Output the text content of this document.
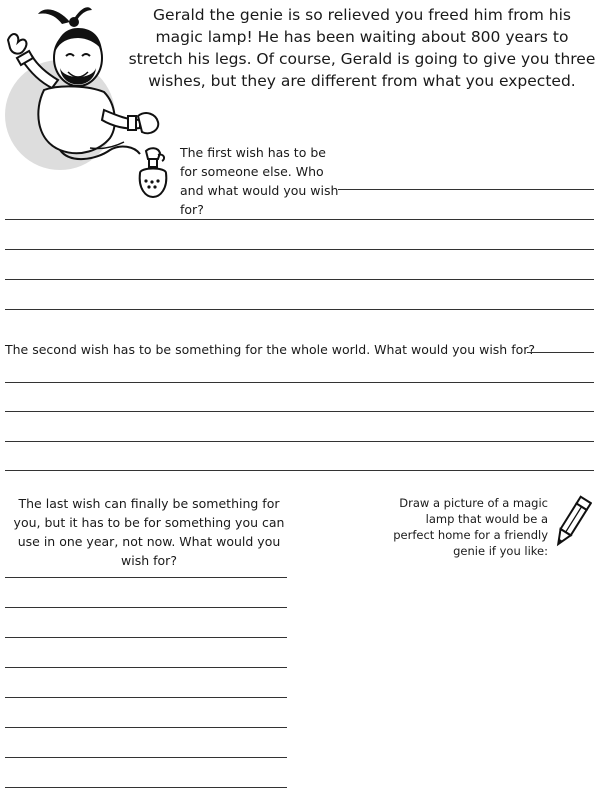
Gerald the genie is so relieved you freed him from his magic lamp! He has been waiting about 800 years to stretch his legs. Of course, Gerald is going to give you three wishes, but they are different from what you expected.
The first wish has to be for someone else. Who and what would you wish for?
The second wish has to be something for the whole world. What would you wish for?
The last wish can finally be something for you, but it has to be for something you can use in one year, not now. What would you wish for?
Draw a picture of a magic lamp that would be a perfect home for a friendly genie if you like:
